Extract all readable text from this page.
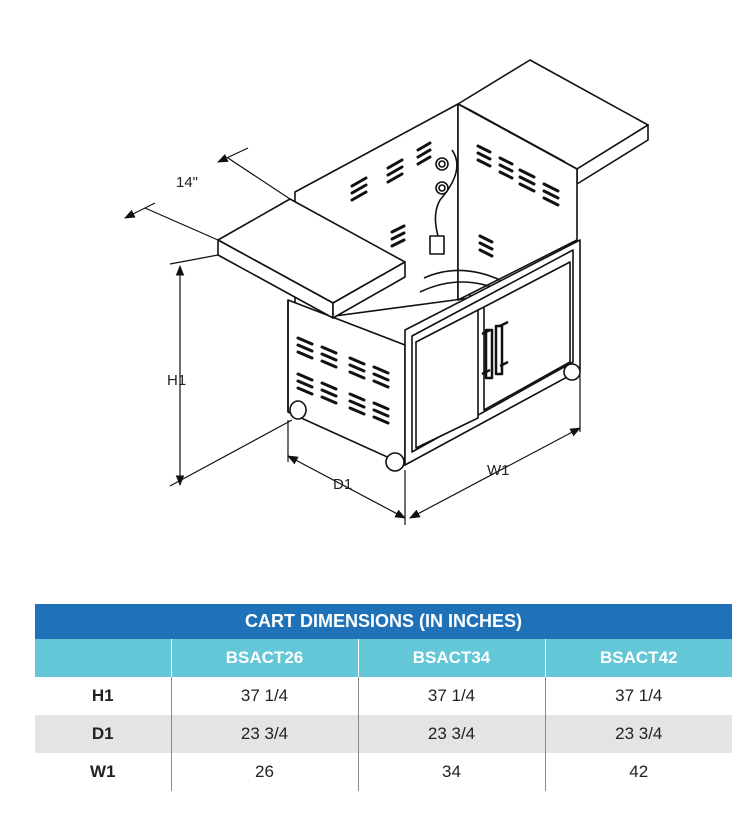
14"
H1
D1
W1
CART DIMENSIONS (IN INCHES)			
	BSACT26	BSACT34	BSACT42
H1	37 1/4	37 1/4	37 1/4
D1	23 3/4	23 3/4	23 3/4
W1	26	34	42
